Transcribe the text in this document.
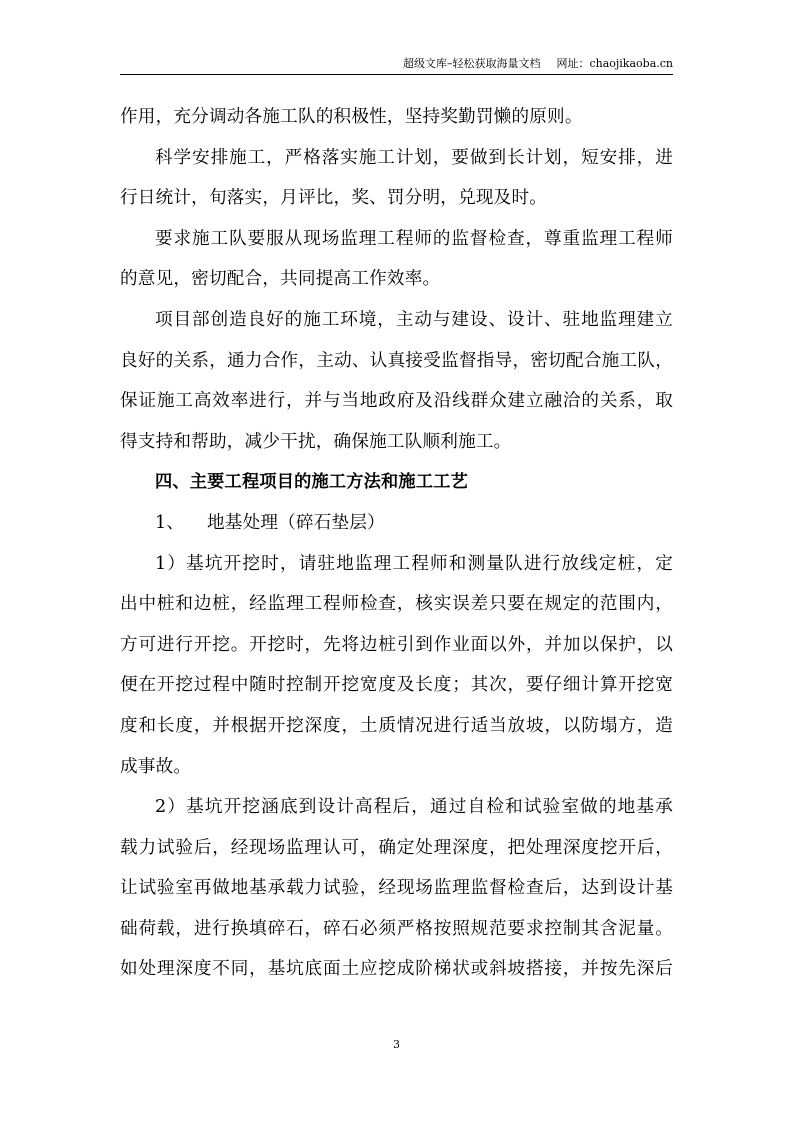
超级文库–轻松获取海量文档 网址：chaojikaoba.cn
作用，充分调动各施工队的积极性，坚持奖勤罚懒的原则。
科学安排施工，严格落实施工计划，要做到长计划，短安排，进
行日统计，旬落实，月评比，奖、罚分明，兑现及时。
要求施工队要服从现场监理工程师的监督检查，尊重监理工程师
的意见，密切配合，共同提高工作效率。
项目部创造良好的施工环境，主动与建设、设计、驻地监理建立
良好的关系，通力合作，主动、认真接受监督指导，密切配合施工队，
保证施工高效率进行，并与当地政府及沿线群众建立融洽的关系，取
得支持和帮助，减少干扰，确保施工队顺利施工。
四、主要工程项目的施工方法和施工工艺
1、 地基处理（碎石垫层）
1）基坑开挖时，请驻地监理工程师和测量队进行放线定桩，定
出中桩和边桩，经监理工程师检查，核实误差只要在规定的范围内，
方可进行开挖。开挖时，先将边桩引到作业面以外，并加以保护，以
便在开挖过程中随时控制开挖宽度及长度；其次，要仔细计算开挖宽
度和长度，并根据开挖深度，土质情况进行适当放坡，以防塌方，造
成事故。
2）基坑开挖涵底到设计高程后，通过自检和试验室做的地基承
载力试验后，经现场监理认可，确定处理深度，把处理深度挖开后，
让试验室再做地基承载力试验，经现场监理监督检查后，达到设计基
础荷载，进行换填碎石，碎石必须严格按照规范要求控制其含泥量。
如处理深度不同，基坑底面土应挖成阶梯状或斜坡搭接，并按先深后
3
